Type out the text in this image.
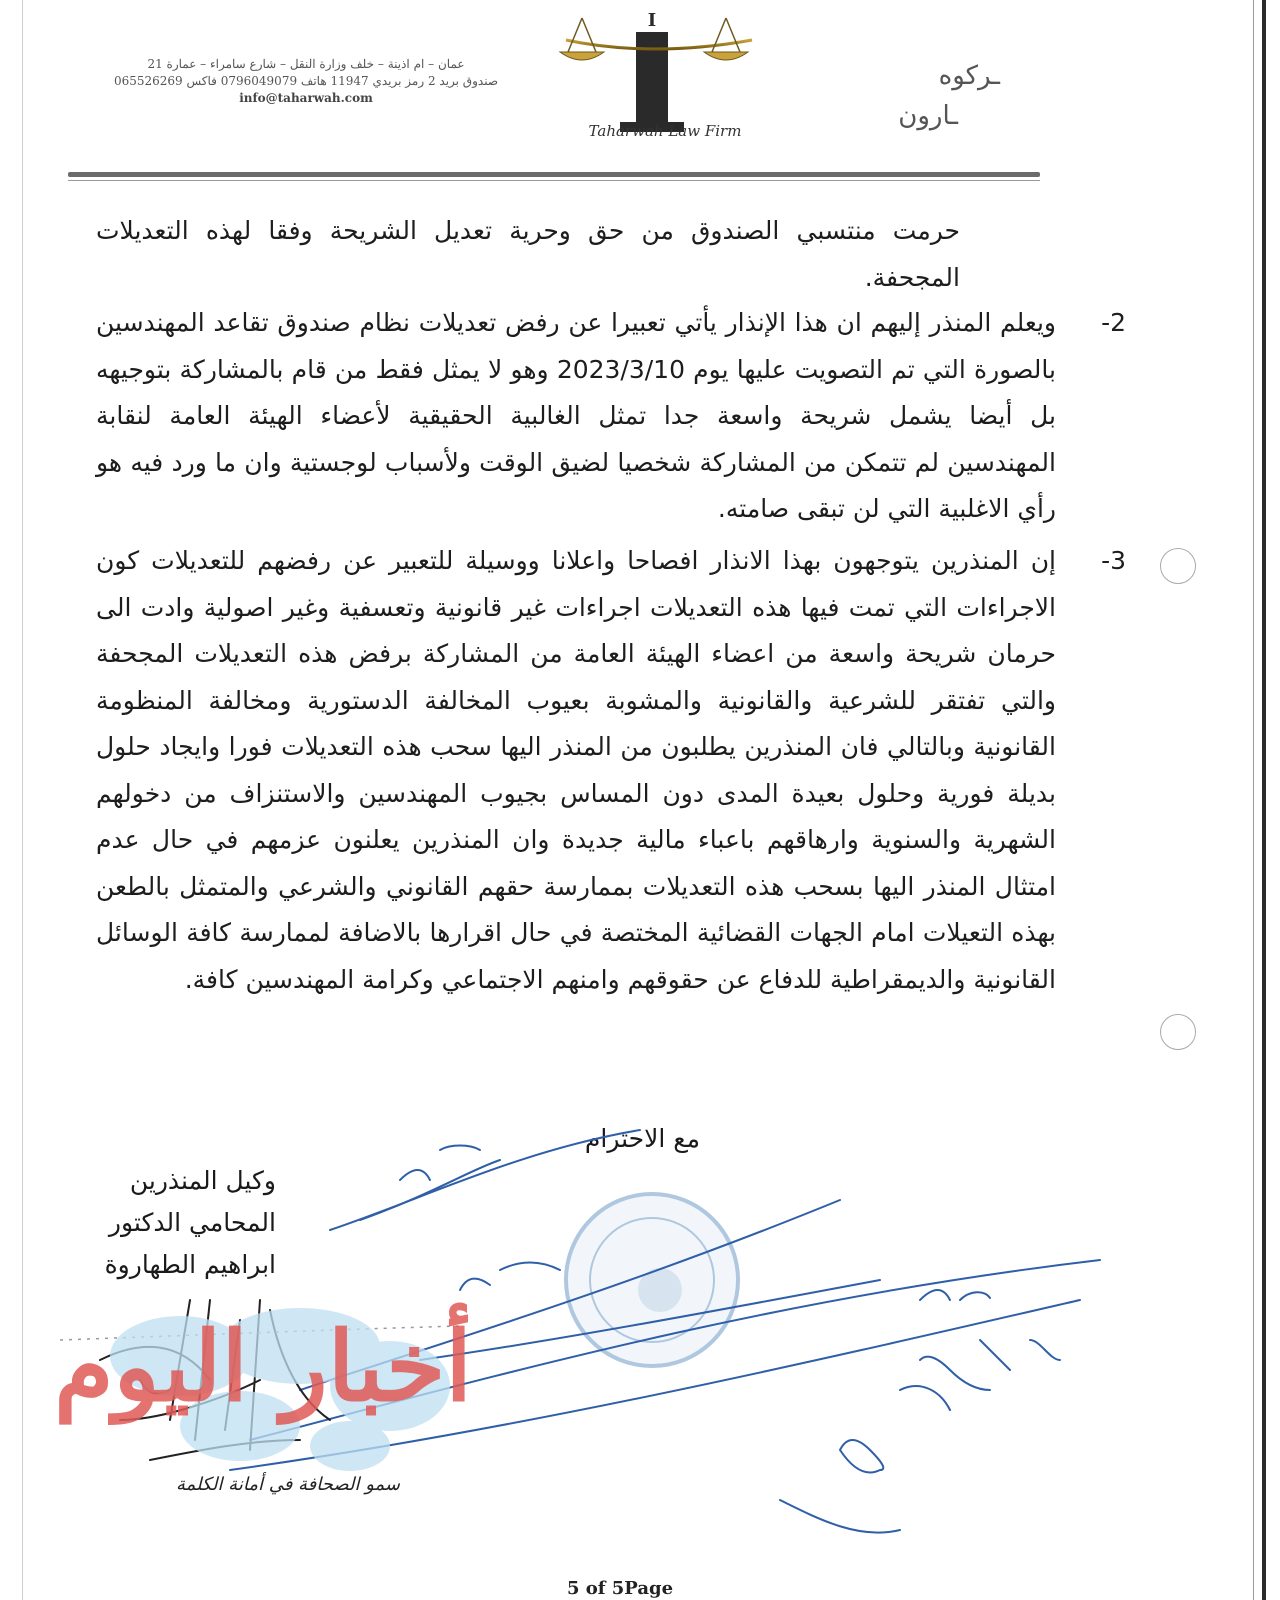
عمان – ام اذينة – خلف وزارة النقل – شارع سامراء – عمارة 21
صندوق بريد 2 رمز بريدي 11947 هاتف 0796049079 فاكس 065526269
info@taharwah.com
I
Taharwah Law Firm
ـركوه
ـارون
حرمت منتسبي الصندوق من حق وحرية تعديل الشريحة وفقا لهذه التعديلات المجحفة.
-2
ويعلم المنذر إليهم ان هذا الإنذار يأتي تعبيرا عن رفض تعديلات نظام صندوق تقاعد المهندسين بالصورة التي تم التصويت عليها يوم 2023/3/10 وهو لا يمثل فقط من قام بالمشاركة بتوجيهه بل أيضا يشمل شريحة واسعة جدا تمثل الغالبية الحقيقية لأعضاء الهيئة العامة لنقابة المهندسين لم تتمكن من المشاركة شخصيا لضيق الوقت ولأسباب لوجستية وان ما ورد فيه هو رأي الاغلبية التي لن تبقى صامته.
-3
إن المنذرين يتوجهون بهذا الانذار افصاحا واعلانا ووسيلة للتعبير عن رفضهم للتعديلات كون الاجراءات التي تمت فيها هذه التعديلات اجراءات غير قانونية وتعسفية وغير اصولية وادت الى حرمان شريحة واسعة من اعضاء الهيئة العامة من المشاركة برفض هذه التعديلات المجحفة والتي تفتقر للشرعية والقانونية والمشوبة بعيوب المخالفة الدستورية ومخالفة المنظومة القانونية وبالتالي فان المنذرين يطلبون من المنذر اليها سحب هذه التعديلات فورا وايجاد حلول بديلة فورية وحلول بعيدة المدى دون المساس بجيوب المهندسين والاستنزاف من دخولهم الشهرية والسنوية وارهاقهم باعباء مالية جديدة وان المنذرين يعلنون عزمهم في حال عدم امتثال المنذر اليها بسحب هذه التعديلات بممارسة حقهم القانوني والشرعي والمتمثل بالطعن بهذه التعيلات امام الجهات القضائية المختصة في حال اقرارها بالاضافة لممارسة كافة الوسائل القانونية والديمقراطية للدفاع عن حقوقهم وامنهم الاجتماعي وكرامة المهندسين كافة.
مع الاحترام
وكيل المنذرين
المحامي الدكتور
ابراهيم الطهاروة
أخبار اليوم
سمو الصحافة في أمانة الكلمة
5 of 5Page
